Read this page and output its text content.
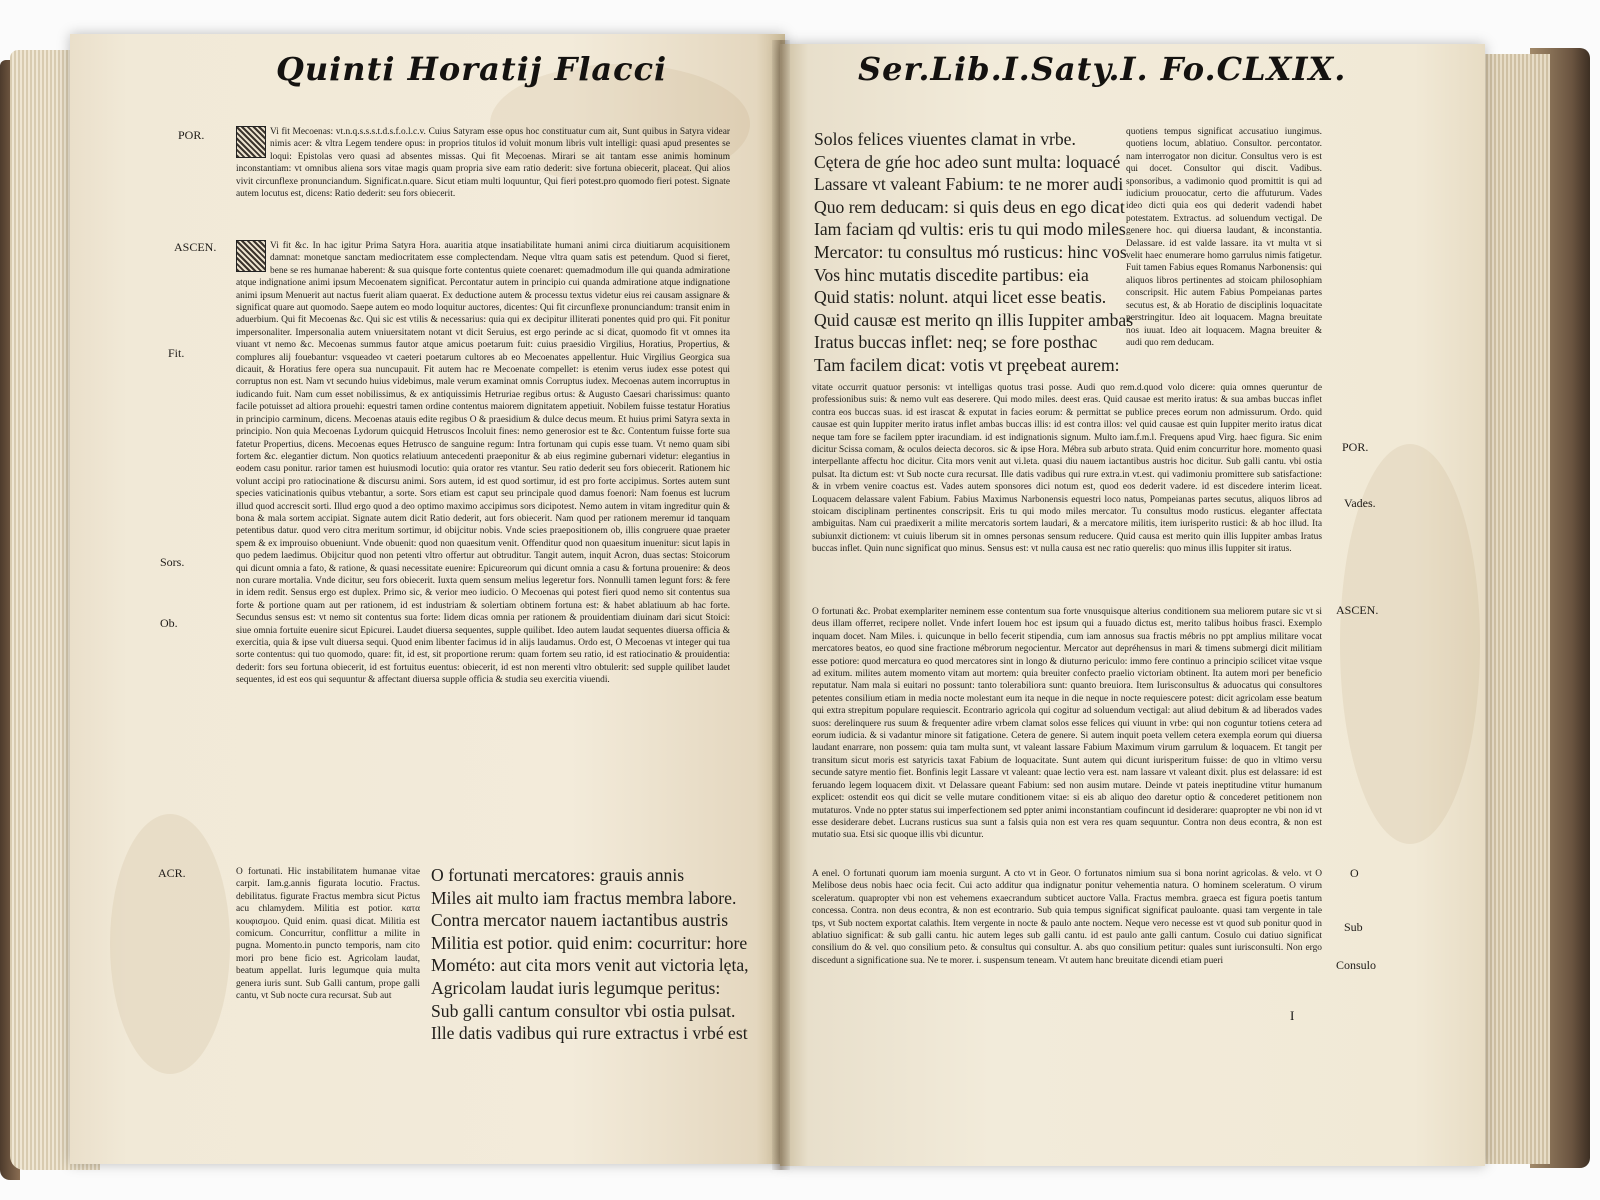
Quinti Horatij Flacci	Ser.Lib.I.Saty.I. Fo.CLXIX.
POR.
ASCEN.
Fit.
Sors.
Ob.
ACR.
POR.
Vades.
ASCEN.
O
Sub
Consulo
Vi fit Mecoenas: vt.n.q.s.s.s.t.d.s.f.o.l.c.v. Cuius Satyram esse opus hoc constituatur cum ait, Sunt quibus in Satyra videar nimis acer: & vltra Legem tendere opus: in proprios titulos id voluit monum libris vult intelligi: quasi apud presentes se loqui: Epistolas vero quasi ad absentes missas. Qui fit Mecoenas. Mirari se ait tantam esse animis hominum inconstantiam: vt omnibus aliena sors vitae magis quam propria sive eam ratio dederit: sive fortuna obiecerit, placeat. Qui alios vivit circunflexe pronunciandum. Significat.n.quare. Sicut etiam multi loquuntur, Qui fieri potest.pro quomodo fieri potest. Signate autem locutus est, dicens: Ratio dederit: seu fors obiecerit.
Vi fit &c. In hac igitur Prima Satyra Hora. auaritia atque insatiabilitate humani animi circa diuitiarum acquisitionem damnat: monetque sanctam mediocritatem esse complectendam. Neque vltra quam satis est petendum. Quod si fieret, bene se res humanae haberent: & sua quisque forte contentus quiete coenaret: quemadmodum ille qui quanda admiratione atque indignatione animi ipsum Mecoenatem significat. Percontatur autem in principio cui quanda admiratione atque indignatione animi ipsum Menuerit aut nactus fuerit aliam quaerat. Ex deductione autem & processu textus videtur eius rei causam assignare & significat quare aut quomodo. Saepe autem eo modo loquitur auctores, dicentes: Qui fit circunflexe pronunciandum: transit enim in aduerbium. Qui fit Mecoenas &c. Qui sic est vtilis & necessarius: quia qui ex decipitur illiterati ponentes quid pro qui. Fit ponitur impersonaliter. Impersonalia autem vniuersitatem notant vt dicit Seruius, est ergo perinde ac si dicat, quomodo fit vt omnes ita viuant vt nemo &c. Mecoenas summus fautor atque amicus poetarum fuit: cuius praesidio Virgilius, Horatius, Propertius, & complures alij fouebantur: vsqueadeo vt caeteri poetarum cultores ab eo Mecoenates appellentur. Huic Virgilius Georgica sua dicauit, & Horatius fere opera sua nuncupauit. Fit autem hac re Mecoenate compellet: is etenim verus iudex esse potest qui corruptus non est. Nam vt secundo huius videbimus, male verum examinat omnis Corruptus iudex. Mecoenas autem incorruptus in iudicando fuit. Nam cum esset nobilissimus, & ex antiquissimis Hetruriae regibus ortus: & Augusto Caesari charissimus: quanto facile potuisset ad altiora prouehi: equestri tamen ordine contentus maiorem dignitatem appetiuit. Nobilem fuisse testatur Horatius in principio carminum, dicens. Mecoenas atauis edite regibus O & praesidium & dulce decus meum. Et huius primi Satyra sexta in principio. Non quia Mecoenas Lydorum quicquid Hetruscos Incoluit fines: nemo generosior est te &c. Contentum fuisse forte sua fatetur Propertius, dicens. Mecoenas eques Hetrusco de sanguine regum: Intra fortunam qui cupis esse tuam. Vt nemo quam sibi fortem &c. elegantier dictum. Non quotics relatiuum antecedenti praeponitur & ab eius regimine gubernari videtur: elegantius in eodem casu ponitur. rarior tamen est huiusmodi locutio: quia orator res vtantur. Seu ratio dederit seu fors obiecerit. Rationem hic volunt accipi pro ratiocinatione & discursu animi. Sors autem, id est quod sortimur, id est pro forte accipimus. Sortes autem sunt species vaticinationis quibus vtebantur, a sorte. Sors etiam est caput seu principale quod damus foenori: Nam foenus est lucrum illud quod accrescit sorti. Illud ergo quod a deo optimo maximo accipimus sors dicipotest. Nemo autem in vitam ingreditur quin & bona & mala sortem accipiat. Signate autem dicit Ratio dederit, aut fors obiecerit. Nam quod per rationem meremur id tanquam petentibus datur. quod vero citra meritum sortimur, id obijcitur nobis. Vnde scies praepositionem ob, illis congruere quae praeter spem & ex improuiso obueniunt. Vnde obuenit: quod non quaesitum venit. Offenditur quod non quaesitum inuenitur: sicut lapis in quo pedem laedimus. Obijcitur quod non petenti vltro offertur aut obtruditur. Tangit autem, inquit Acron, duas sectas: Stoicorum qui dicunt omnia a fato, & ratione, & quasi necessitate euenire: Epicureorum qui dicunt omnia a casu & fortuna prouenire: & deos non curare mortalia. Vnde dicitur, seu fors obiecerit. Iuxta quem sensum melius legeretur fors. Nonnulli tamen legunt fors: & fere in idem redit. Sensus ergo est duplex. Primo sic, & verior meo iudicio. O Mecoenas qui potest fieri quod nemo sit contentus sua forte & portione quam aut per rationem, id est industriam & solertiam obtinem fortuna est: & habet ablatiuum ab hac forte. Secundus sensus est: vt nemo sit contentus sua forte: Iidem dicas omnia per rationem & prouidentiam diuinam dari sicut Stoici: siue omnia fortuite euenire sicut Epicurei. Laudet diuersa sequentes, supple quilibet. Ideo autem laudat sequentes diuersa officia & exercitia, quia & ipse vult diuersa sequi. Quod enim libenter facimus id in alijs laudamus. Ordo est, O Mecoenas vt integer qui tua sorte contentus: qui tuo quomodo, quare: fit, id est, sit proportione rerum: quam fortem seu ratio, id est ratiocinatio & prouidentia: dederit: fors seu fortuna obiecerit, id est fortuitus euentus: obiecerit, id est non merenti vltro obtulerit: sed supple quilibet laudet sequentes, id est eos qui sequuntur & affectant diuersa supple officia & studia seu exercitia viuendi.
O fortunati. Hic instabilitatem humanae vitae carpit. Iam.g.annis figurata locutio. Fractus. debilitatus. figurate Fractus membra sicut Pictus acu chlamydem. Militia est potior. κατα κουφισμου. Quid enim. quasi dicat. Militia est comicum. Concurritur, conflittur a milite in pugna. Momento.in puncto temporis, nam cito mori pro bene ficio est. Agricolam laudat, beatum appellat. Iuris legumque quia multa genera iuris sunt. Sub Galli cantum, prope galli cantu, vt Sub nocte cura recursat. Sub aut
O fortunati mercatores: grauis annis
Miles ait multo iam fractus membra labore.
Contra mercator nauem iactantibus austris
Militia est potior. quid enim: cocurritur: hore
Mométo: aut cita mors venit aut victoria lęta,
Agricolam laudat iuris legumque peritus:
Sub galli cantum consultor vbi ostia pulsat.
Ille datis vadibus qui rure extractus i vrbé est
Solos felices viuentes clamat in vrbe.
Cętera de gńe hoc adeo sunt multa: loquacé
Lassare vt valeant Fabium: te ne morer audi
Quo rem deducam: si quis deus en ego dicat
Iam faciam qd vultis: eris tu qui modo miles
Mercator: tu consultus mó rusticus: hinc vos
Vos hinc mutatis discedite partibus: eia
Quid statis: nolunt. atqui licet esse beatis.
Quid causæ est merito qn illis Iuppiter ambas
Iratus buccas inflet: neq; se fore posthac
Tam facilem dicat: votis vt pręebeat aurem:
quotiens tempus significat accusatiuo iungimus. quotiens locum, ablatiuo. Consultor. percontator. nam interrogator non dicitur. Consultus vero is est qui docet. Consultor qui discit. Vadibus. sponsoribus, a vadimonio quod promittit is qui ad iudicium prouocatur, certo die affuturum. Vades ideo dicti quia eos qui dederit vadendi habet potestatem. Extractus. ad soluendum vectigal. De genere hoc. qui diuersa laudant, & inconstantia. Delassare. id est valde lassare. ita vt multa vt si velit haec enumerare homo garrulus nimis fatigetur. Fuit tamen Fabius eques Romanus Narbonensis: qui aliquos libros pertinentes ad stoicam philosophiam conscripsit. Hic autem Fabius Pompeianas partes secutus est, & ab Horatio de disciplinis loquacitate perstringitur. Ideo ait loquacem. Magna breuitate nos iuuat. Ideo ait loquacem. Magna breuiter & audi quo rem deducam.
vitate occurrit quatuor personis: vt intelligas quotus trasi posse. Audi quo rem.d.quod volo dicere: quia omnes queruntur de professionibus suis: & nemo vult eas deserere. Qui modo miles. deest eras. Quid causae est merito iratus: & sua ambas buccas inflet contra eos buccas suas. id est irascat & exputat in facies eorum: & permittat se publice preces eorum non admissurum. Ordo. quid causae est quin Iuppiter merito iratus inflet ambas buccas illis: id est contra illos: vel quid causae est quin Iuppiter merito iratus dicat neque tam fore se facilem ppter iracundiam. id est indignationis signum. Multo iam.f.m.l. Frequens apud Virg. haec figura. Sic enim dicitur Scissa comam, & oculos deiecta decoros. sic & ipse Hora. Mébra sub arbuto strata. Quid enim concurritur hore. momento quasi interpellante affectu hoc dicitur. Cita mors venit aut vi.leta. quasi diu nauem iactantibus austris hoc dicitur. Sub galli cantu. vbi ostia pulsat. Ita dictum est: vt Sub nocte cura recursat. Ille datis vadibus qui rure extra.in vt.est. qui vadimoniu promittere sub satisfactione: & in vrbem venire coactus est. Vades autem sponsores dici notum est, quod eos dederit vadere. id est discedere interim liceat. Loquacem delassare valent Fabium. Fabius Maximus Narbonensis equestri loco natus, Pompeianas partes secutus, aliquos libros ad stoicam disciplinam pertinentes conscripsit. Eris tu qui modo miles mercator. Tu consultus modo rusticus. eleganter affectata ambiguitas. Nam cui praedixerit a milite mercatoris sortem laudari, & a mercatore militis, item iurisperito rustici: & ab hoc illud. Ita subiunxit dictionem: vt cuiuis liberum sit in omnes personas sensum reducere. Quid causa est merito quin illis Iuppiter ambas Iratus buccas inflet. Quin nunc significat quo minus. Sensus est: vt nulla causa est nec ratio querelis: quo minus illis Iuppiter sit iratus.
O fortunati &c. Probat exemplariter neminem esse contentum sua forte vnusquisque alterius conditionem sua meliorem putare sic vt si deus illam offerret, recipere nollet. Vnde infert Iouem hoc est ipsum qui a fuuado dictus est, merito talibus hoibus frasci. Exemplo inquam docet. Nam Miles. i. quicunque in bello fecerit stipendia, cum iam annosus sua fractis mébris no ppt amplius militare vocat mercatores beatos, eo quod sine fractione mébrorum negocientur. Mercator aut depréhensus in mari & timens submergi dicit militiam esse potiore: quod mercatura eo quod mercatores sint in longo & diuturno periculo: immo fere continuo a principio scilicet vitae vsque ad exitum. milites autem momento vitam aut mortem: quia breuiter confecto praelio victoriam obtinent. Ita autem mori per beneficio reputatur. Nam mala si euitari no possunt: tanto tolerabiliora sunt: quanto breuiora. Item Iurisconsultus & aduocatus qui consultores petentes consilium etiam in media nocte molestant eum ita neque in die neque in nocte requiescere potest: dicit agricolam esse beatum qui extra strepitum populare requiescit. Econtrario agricola qui cogitur ad soluendum vectigal: aut aliud debitum & ad liberados vades suos: derelinquere rus suum & frequenter adire vrbem clamat solos esse felices qui viuunt in vrbe: qui non coguntur totiens cetera ad eorum iudicia. & si vadantur minore sit fatigatione. Cetera de genere. Si autem inquit poeta vellem cetera exempla eorum qui diuersa laudant enarrare, non possem: quia tam multa sunt, vt valeant lassare Fabium Maximum virum garrulum & loquacem. Et tangit per transitum sicut moris est satyricis taxat Fabium de loquacitate. Sunt autem qui dicunt iurisperitum fuisse: de quo in vltimo versu secunde satyre mentio fiet. Bonfinis legit Lassare vt valeant: quae lectio vera est. nam lassare vt valeant dixit. plus est delassare: id est feruando legem loquacem dixit. vt Delassare queant Fabium: sed non ausim mutare. Deinde vt pateis ineptitudine vtitur humanum explicet: ostendit eos qui dicit se velle mutare conditionem vitae: si eis ab aliquo deo daretur optio & concederet petitionem non mutaturos. Vnde no ppter status sui imperfectionem sed ppter animi inconstantiam coufincunt id desiderare: quapropter ne vbi non id vt esse desiderare debet. Lucrans rusticus sua sunt a falsis quia non est vera res quam sequuntur. Contra non deus econtra, & non est mutatio sua. Etsi sic quoque illis vbi dicuntur.
A enel. O fortunati quorum iam moenia surgunt. A cto vt in Geor. O fortunatos nimium sua si bona norint agricolas. & velo. vt O Melibose deus nobis haec ocia fecit. Cui acto additur qua indignatur ponitur vehementia natura. O hominem sceleratum. O virum sceleratum. quapropter vbi non est vehemens exaecrandum subticet auctore Valla. Fractus membra. graeca est figura poetis tantum concessa. Contra. non deus econtra, & non est econtrario. Sub quia tempus significat significat pauloante. quasi tam vergente in tale tps, vt Sub noctem exportat calathis. Item vergente in nocte & paulo ante noctem. Neque vero necesse est vt quod sub ponitur quod in ablatiuo significat: & sub galli cantu. hic autem leges sub galli cantu. id est paulo ante galli cantum. Cosulo cui datiuo significat consilium do & vel. quo consilium peto. & consultus qui consultur. A. abs quo consilium petitur: quales sunt iurisconsulti. Non ergo discedunt a significatione sua. Ne te morer. i. suspensum teneam. Vt autem hanc breuitate dicendi etiam pueri
I
